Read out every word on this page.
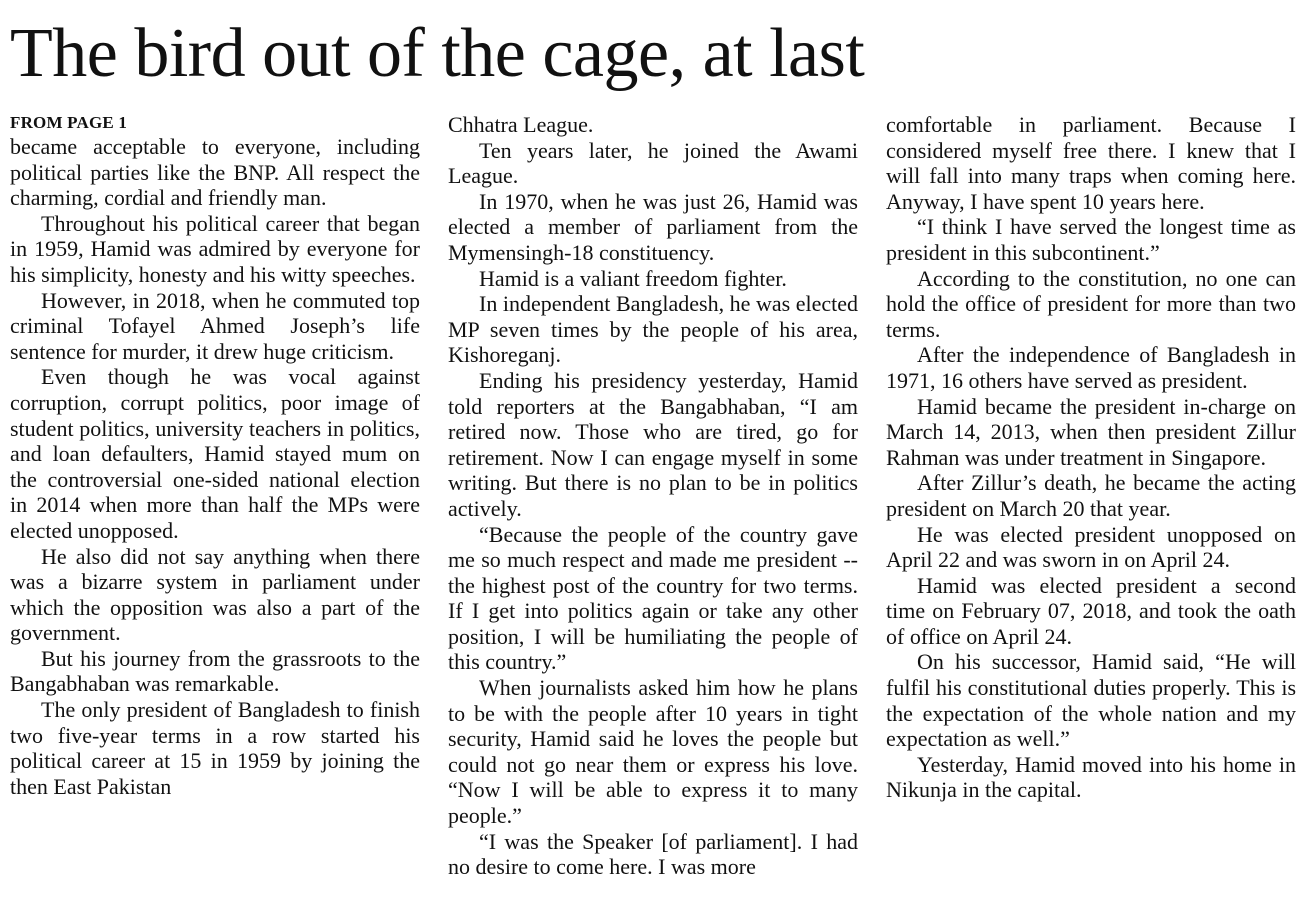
The bird out of the cage, at last
FROM PAGE 1

became acceptable to everyone, including political parties like the BNP. All respect the charming, cordial and friendly man.

Throughout his political career that began in 1959, Hamid was admired by everyone for his simplicity, honesty and his witty speeches.

However, in 2018, when he commuted top criminal Tofayel Ahmed Joseph’s life sentence for murder, it drew huge criticism.

Even though he was vocal against corruption, corrupt politics, poor image of student politics, university teachers in politics, and loan defaulters, Hamid stayed mum on the controversial one-sided national election in 2014 when more than half the MPs were elected unopposed.

He also did not say anything when there was a bizarre system in parliament under which the opposition was also a part of the government.

But his journey from the grassroots to the Bangabhaban was remarkable.

The only president of Bangladesh to finish two five-year terms in a row started his political career at 15 in 1959 by joining the then East Pakistan

Chhatra League.

Ten years later, he joined the Awami League.

In 1970, when he was just 26, Hamid was elected a member of parliament from the Mymensingh-18 constituency.

Hamid is a valiant freedom fighter.

In independent Bangladesh, he was elected MP seven times by the people of his area, Kishoreganj.

Ending his presidency yesterday, Hamid told reporters at the Bangabhaban, “I am retired now. Those who are tired, go for retirement. Now I can engage myself in some writing. But there is no plan to be in politics actively.

“Because the people of the country gave me so much respect and made me president -- the highest post of the country for two terms. If I get into politics again or take any other position, I will be humiliating the people of this country.”

When journalists asked him how he plans to be with the people after 10 years in tight security, Hamid said he loves the people but could not go near them or express his love. “Now I will be able to express it to many people.”

“I was the Speaker [of parliament]. I had no desire to come here. I was more

comfortable in parliament. Because I considered myself free there. I knew that I will fall into many traps when coming here. Anyway, I have spent 10 years here.

“I think I have served the longest time as president in this subcontinent.”

According to the constitution, no one can hold the office of president for more than two terms.

After the independence of Bangladesh in 1971, 16 others have served as president.

Hamid became the president in-charge on March 14, 2013, when then president Zillur Rahman was under treatment in Singapore.

After Zillur’s death, he became the acting president on March 20 that year.

He was elected president unopposed on April 22 and was sworn in on April 24.

Hamid was elected president a second time on February 07, 2018, and took the oath of office on April 24.

On his successor, Hamid said, “He will fulfil his constitutional duties properly. This is the expectation of the whole nation and my expectation as well.”

Yesterday, Hamid moved into his home in Nikunja in the capital.
